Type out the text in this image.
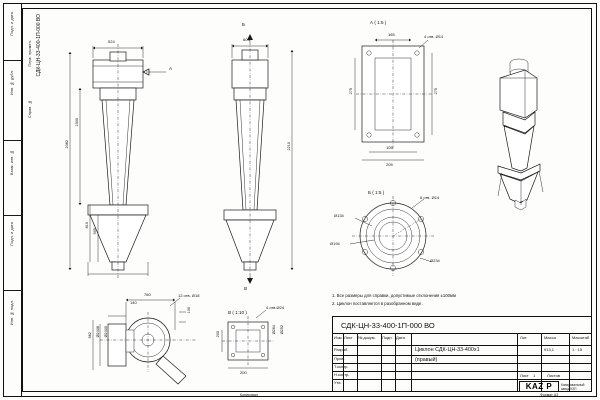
Подп. и дата
Инв. № дубл.
Взам. инв. №
Подп. и дата
Инв. № подл.
СДК-ЦН-33-400-1П-000 ВО	524
1500
2082
810
595
А
Б
603
2210
В
А ( 1:5 )
165	4 отв. Ø14
275	275
105
205
Б ( 1:5 )
6 отв. Ø14
Ø134
Ø194
Ø234
760	12 отв. Ø18
140
100
662 Ø2408 Ø2400
В ( 1:10 )
4 отв.Ø24
200
200	Ø264 Ø252
1. Все размеры для справки, допустимые отклонения ±100мм
2. Циклон поставляется в разобранном виде.
СДК-ЦН-33-400-1П-000 ВО
Изм. Лист № докум. Подп. Дата
Разраб.
Пров.
Т.контр.
Н.контр.
Утв.
Циклон СДК-ЦН-33-400х1
(правый)
Лит.	Масса	Масштаб
913,1	1 : 15
Лист	Листов
1
KAZ P	Копировальный завод КЗП
Копировал	Формат A3
Перв. примен.
Справ. №
